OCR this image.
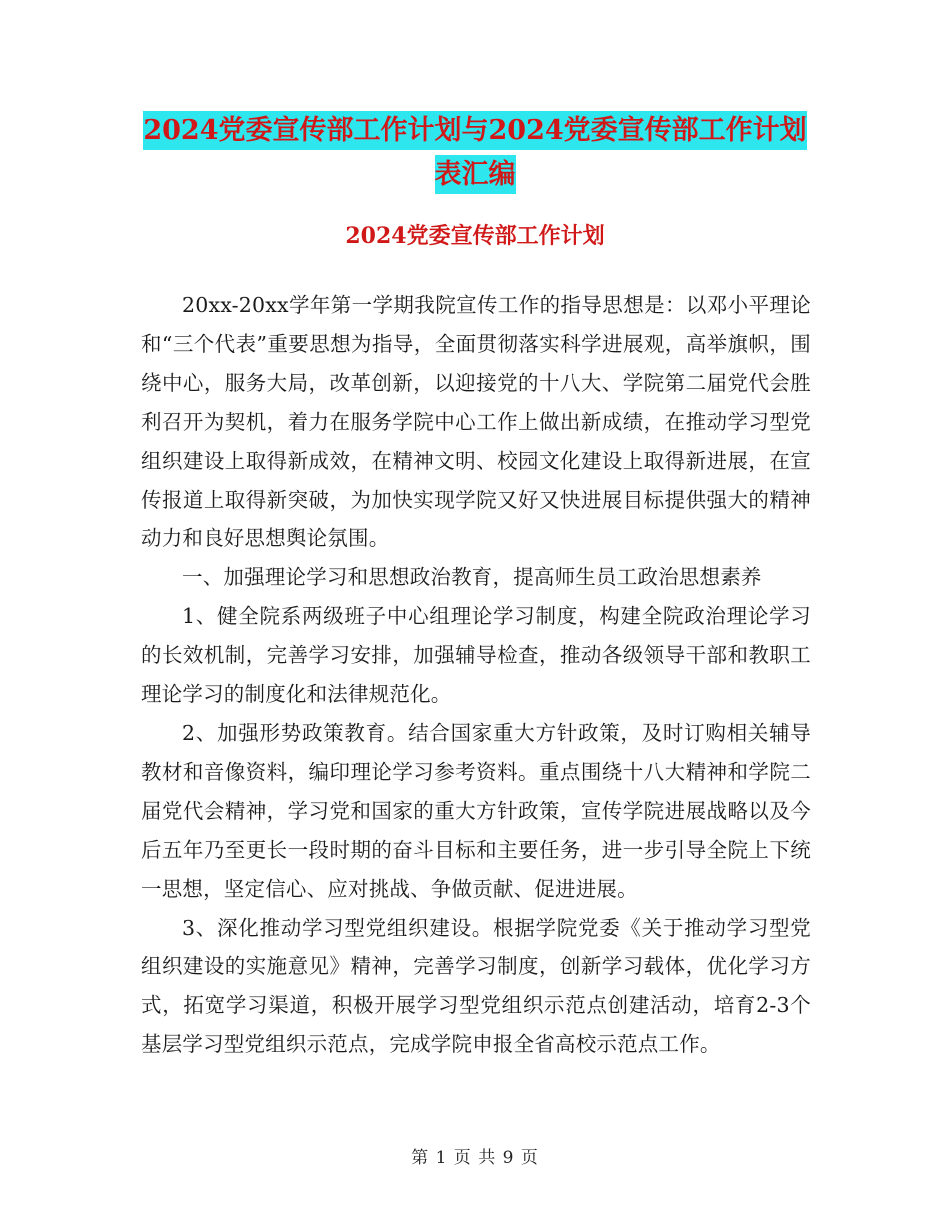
2024党委宣传部工作计划与2024党委宣传部工作计划
表汇编
2024党委宣传部工作计划

20xx-20xx学年第一学期我院宣传工作的指导思想是：以邓小平理论和“三个代表”重要思想为指导，全面贯彻落实科学进展观，高举旗帜，围绕中心，服务大局，改革创新，以迎接党的十八大、学院第二届党代会胜利召开为契机，着力在服务学院中心工作上做出新成绩，在推动学习型党组织建设上取得新成效，在精神文明、校园文化建设上取得新进展，在宣传报道上取得新突破，为加快实现学院又好又快进展目标提供强大的精神动力和良好思想舆论氛围。

一、加强理论学习和思想政治教育，提高师生员工政治思想素养

1、健全院系两级班子中心组理论学习制度，构建全院政治理论学习的长效机制，完善学习安排，加强辅导检查，推动各级领导干部和教职工理论学习的制度化和法律规范化。

2、加强形势政策教育。结合国家重大方针政策，及时订购相关辅导教材和音像资料，编印理论学习参考资料。重点围绕十八大精神和学院二届党代会精神，学习党和国家的重大方针政策，宣传学院进展战略以及今后五年乃至更长一段时期的奋斗目标和主要任务，进一步引导全院上下统一思想，坚定信心、应对挑战、争做贡献、促进进展。

3、深化推动学习型党组织建设。根据学院党委《关于推动学习型党组织建设的实施意见》精神，完善学习制度，创新学习载体，优化学习方式，拓宽学习渠道，积极开展学习型党组织示范点创建活动，培育2-3个基层学习型党组织示范点，完成学院申报全省高校示范点工作。

第 1 页 共 9 页
